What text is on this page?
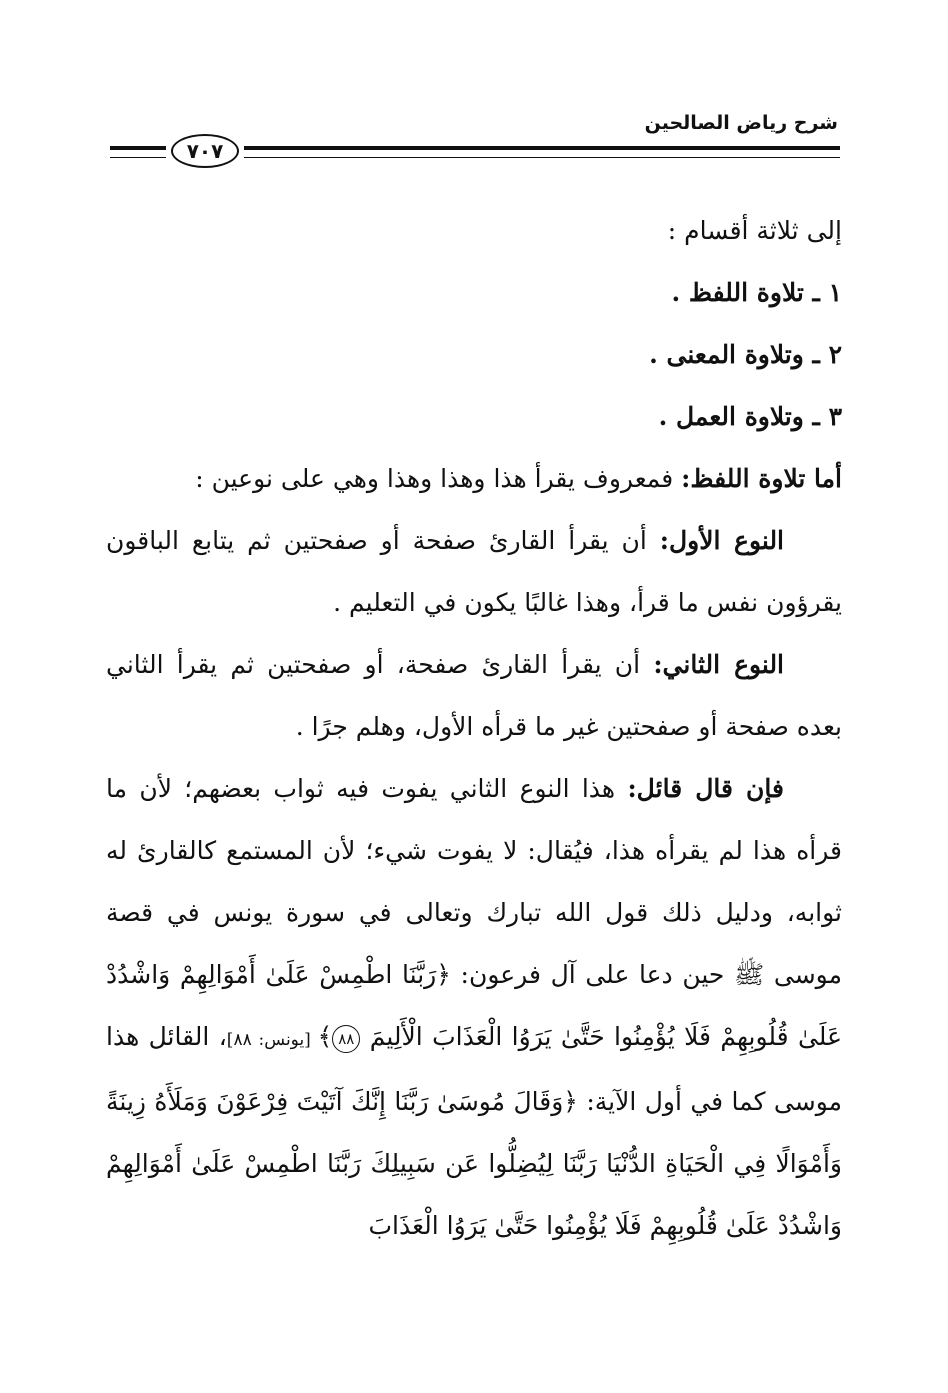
شرح رياض الصالحين
٧٠٧

إلى ثلاثة أقسام :

١ ـ تلاوة اللفظ .

٢ ـ وتلاوة المعنى .

٣ ـ وتلاوة العمل .

أما تلاوة اللفظ: فمعروف يقرأ هذا وهذا وهذا وهي على نوعين :

النوع الأول: أن يقرأ القارئ صفحة أو صفحتين ثم يتابع الباقون يقرؤون نفس ما قرأ، وهذا غالبًا يكون في التعليم .

النوع الثاني: أن يقرأ القارئ صفحة، أو صفحتين ثم يقرأ الثاني بعده صفحة أو صفحتين غير ما قرأه الأول، وهلم جرًا .

فإن قال قائل: هذا النوع الثاني يفوت فيه ثواب بعضهم؛ لأن ما قرأه هذا لم يقرأه هذا، فيُقال: لا يفوت شيء؛ لأن المستمع كالقارئ له ثوابه، ودليل ذلك قول الله تبارك وتعالى في سورة يونس في قصة موسى ﷺ حين دعا على آل فرعون: ﴿رَبَّنَا اطْمِسْ عَلَىٰ أَمْوَالِهِمْ وَاشْدُدْ عَلَىٰ قُلُوبِهِمْ فَلَا يُؤْمِنُوا حَتَّىٰ يَرَوُا الْعَذَابَ الْأَلِيمَ ٨٨﴾ [يونس: ٨٨]، القائل هذا موسى كما في أول الآية: ﴿وَقَالَ مُوسَىٰ رَبَّنَا إِنَّكَ آتَيْتَ فِرْعَوْنَ وَمَلَأَهُ زِينَةً وَأَمْوَالًا فِي الْحَيَاةِ الدُّنْيَا رَبَّنَا لِيُضِلُّوا عَن سَبِيلِكَ رَبَّنَا اطْمِسْ عَلَىٰ أَمْوَالِهِمْ وَاشْدُدْ عَلَىٰ قُلُوبِهِمْ فَلَا يُؤْمِنُوا حَتَّىٰ يَرَوُا الْعَذَابَ
